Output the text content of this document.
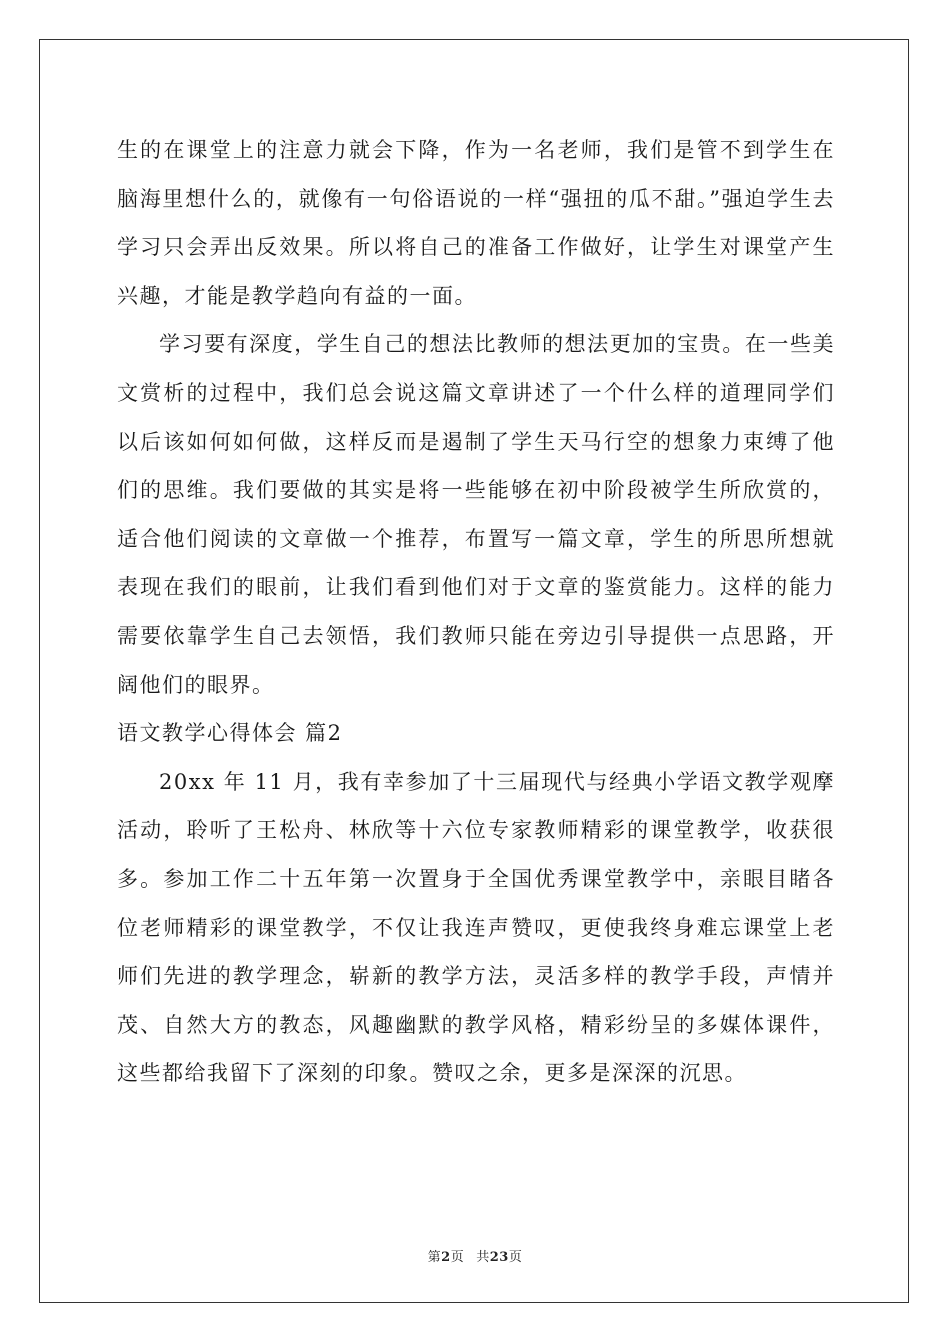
生的在课堂上的注意力就会下降，作为一名老师，我们是管不到学生在脑海里想什么的，就像有一句俗语说的一样“强扭的瓜不甜。”强迫学生去学习只会弄出反效果。所以将自己的准备工作做好，让学生对课堂产生兴趣，才能是教学趋向有益的一面。

学习要有深度，学生自己的想法比教师的想法更加的宝贵。在一些美文赏析的过程中，我们总会说这篇文章讲述了一个什么样的道理同学们以后该如何如何做，这样反而是遏制了学生天马行空的想象力束缚了他们的思维。我们要做的其实是将一些能够在初中阶段被学生所欣赏的，适合他们阅读的文章做一个推荐，布置写一篇文章，学生的所思所想就表现在我们的眼前，让我们看到他们对于文章的鉴赏能力。这样的能力需要依靠学生自己去领悟，我们教师只能在旁边引导提供一点思路，开阔他们的眼界。

语文教学心得体会 篇2

20xx 年 11 月，我有幸参加了十三届现代与经典小学语文教学观摩活动，聆听了王松舟、林欣等十六位专家教师精彩的课堂教学，收获很多。参加工作二十五年第一次置身于全国优秀课堂教学中，亲眼目睹各位老师精彩的课堂教学，不仅让我连声赞叹，更使我终身难忘课堂上老师们先进的教学理念，崭新的教学方法，灵活多样的教学手段，声情并茂、自然大方的教态，风趣幽默的教学风格，精彩纷呈的多媒体课件，这些都给我留下了深刻的印象。赞叹之余，更多是深深的沉思。

第2页 共23页
